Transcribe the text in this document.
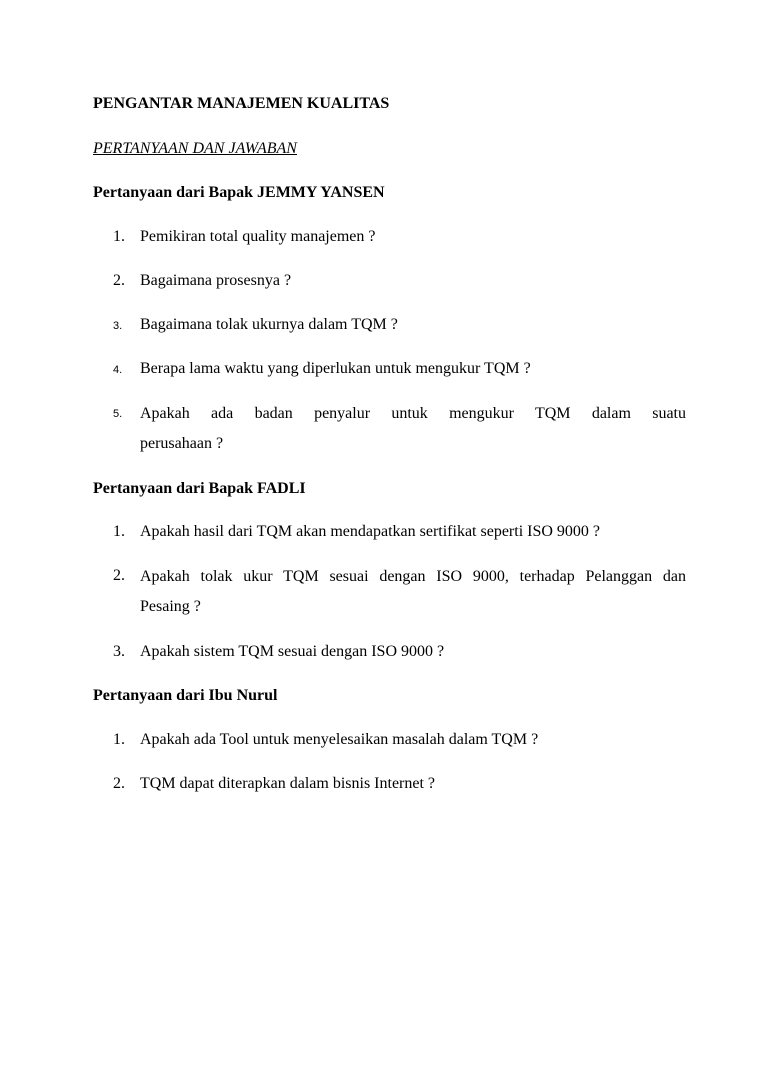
PENGANTAR MANAJEMEN KUALITAS
PERTANYAAN DAN JAWABAN
Pertanyaan dari Bapak JEMMY YANSEN
1. Pemikiran total quality manajemen ?
2. Bagaimana prosesnya ?
3.	Bagaimana tolak ukurnya dalam TQM ?
4.	Berapa lama waktu yang diperlukan untuk mengukur TQM ?
5.	Apakah ada badan penyalur untuk mengukur TQM dalam suatu
perusahaan ?
Pertanyaan dari Bapak FADLI
1. Apakah hasil dari TQM akan mendapatkan sertifikat seperti ISO 9000 ?
2. Apakah tolak ukur TQM sesuai dengan ISO 9000, terhadap Pelanggan dan
Pesaing ?
3. Apakah sistem TQM sesuai dengan ISO 9000 ?
Pertanyaan dari Ibu Nurul
1. Apakah ada Tool untuk menyelesaikan masalah dalam TQM ?
2. TQM dapat diterapkan dalam bisnis Internet ?
